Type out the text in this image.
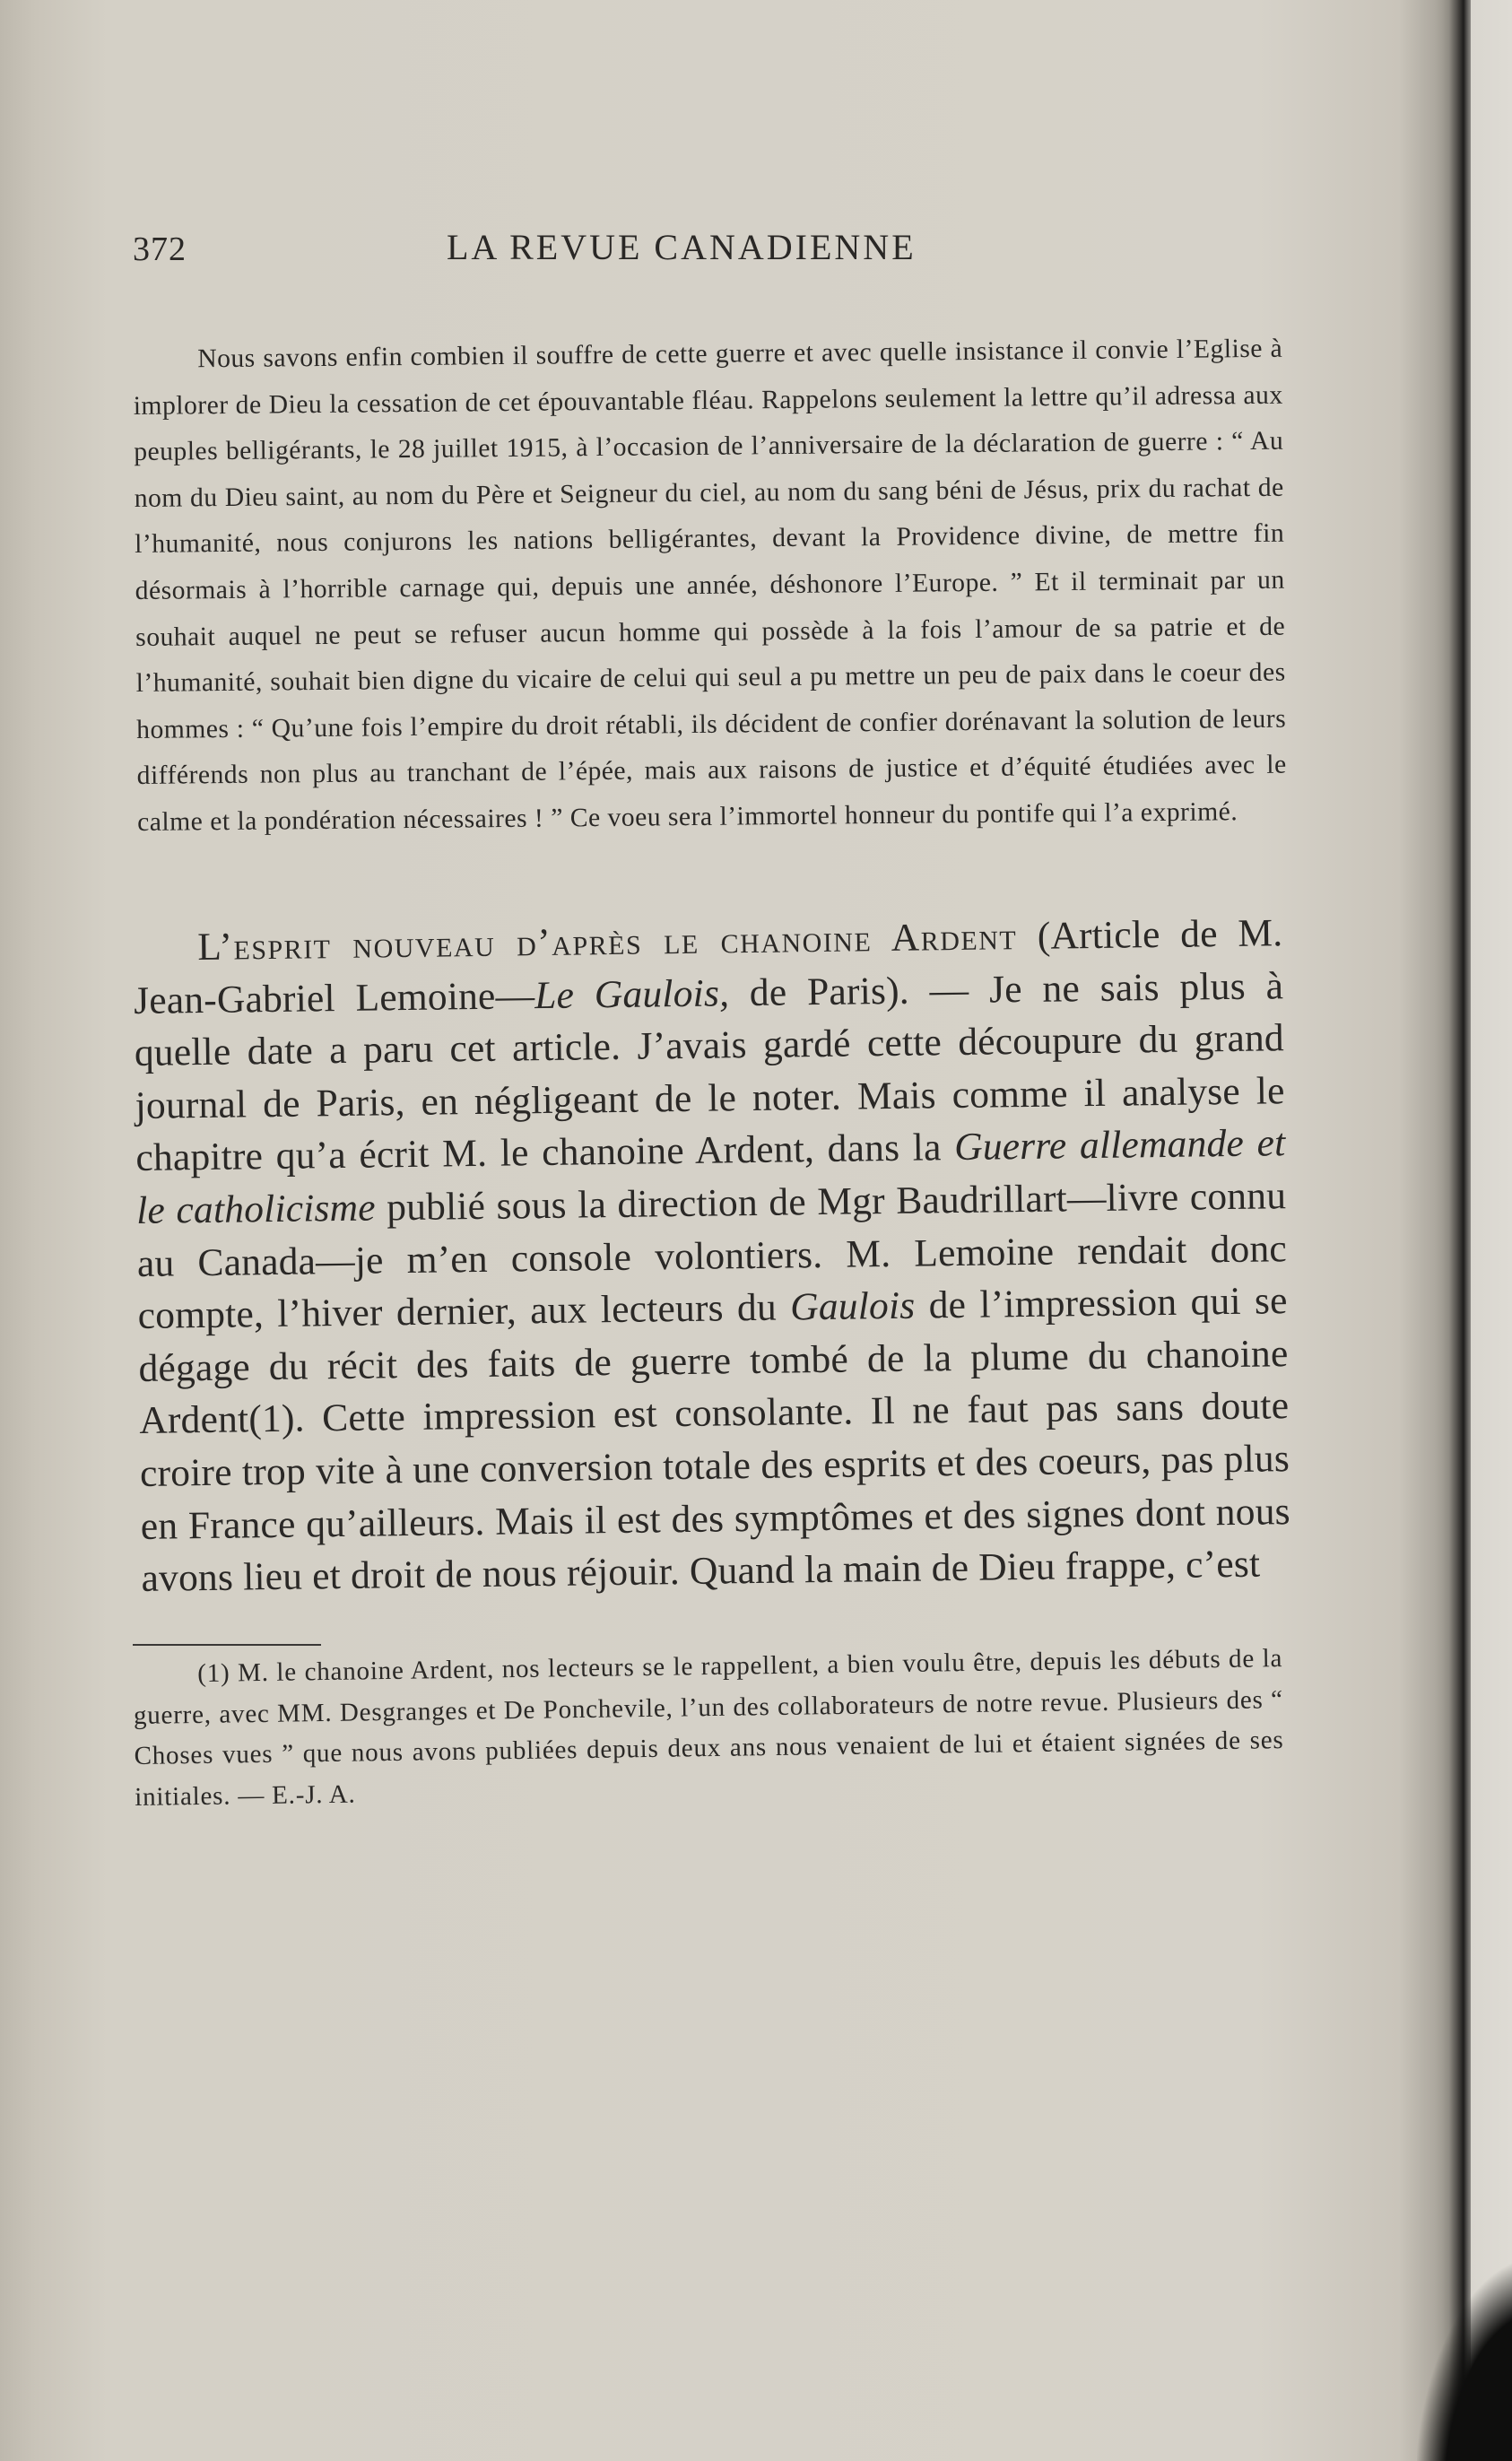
372	LA REVUE CANADIENNE

Nous savons enfin combien il souffre de cette guerre et avec quelle insistance il convie l’Eglise à implorer de Dieu la cessation de cet épouvantable fléau. Rappelons seulement la lettre qu’il adressa aux peuples belligérants, le 28 juillet 1915, à l’occasion de l’anniversaire de la déclaration de guerre : “ Au nom du Dieu saint, au nom du Père et Seigneur du ciel, au nom du sang béni de Jésus, prix du rachat de l’humanité, nous conjurons les nations belligérantes, devant la Providence divine, de mettre fin désormais à l’horrible carnage qui, depuis une année, déshonore l’Europe. ” Et il terminait par un souhait auquel ne peut se refuser aucun homme qui possède à la fois l’amour de sa patrie et de l’humanité, souhait bien digne du vicaire de celui qui seul a pu mettre un peu de paix dans le coeur des hommes : “ Qu’une fois l’empire du droit rétabli, ils décident de confier dorénavant la solution de leurs différends non plus au tranchant de l’épée, mais aux raisons de justice et d’équité étudiées avec le calme et la pondération nécessaires ! ” Ce voeu sera l’immortel honneur du pontife qui l’a exprimé.

L’esprit nouveau d’après le chanoine Ardent (Article de M. Jean-Gabriel Lemoine—Le Gaulois, de Paris). — Je ne sais plus à quelle date a paru cet article. J’avais gardé cette découpure du grand journal de Paris, en négligeant de le noter. Mais comme il analyse le chapitre qu’a écrit M. le chanoine Ardent, dans la Guerre allemande et le catholicisme publié sous la direction de Mgr Baudrillart—livre connu au Canada—je m’en console volontiers. M. Lemoine rendait donc compte, l’hiver dernier, aux lecteurs du Gaulois de l’impression qui se dégage du récit des faits de guerre tombé de la plume du chanoine Ardent(1). Cette impression est consolante. Il ne faut pas sans doute croire trop vite à une conversion totale des esprits et des coeurs, pas plus en France qu’ailleurs. Mais il est des symptômes et des signes dont nous avons lieu et droit de nous réjouir. Quand la main de Dieu frappe, c’est

(1) M. le chanoine Ardent, nos lecteurs se le rappellent, a bien voulu être, depuis les débuts de la guerre, avec MM. Desgranges et De Ponchevile, l’un des collaborateurs de notre revue. Plusieurs des “ Choses vues ” que nous avons publiées depuis deux ans nous venaient de lui et étaient signées de ses initiales. — E.-J. A.
